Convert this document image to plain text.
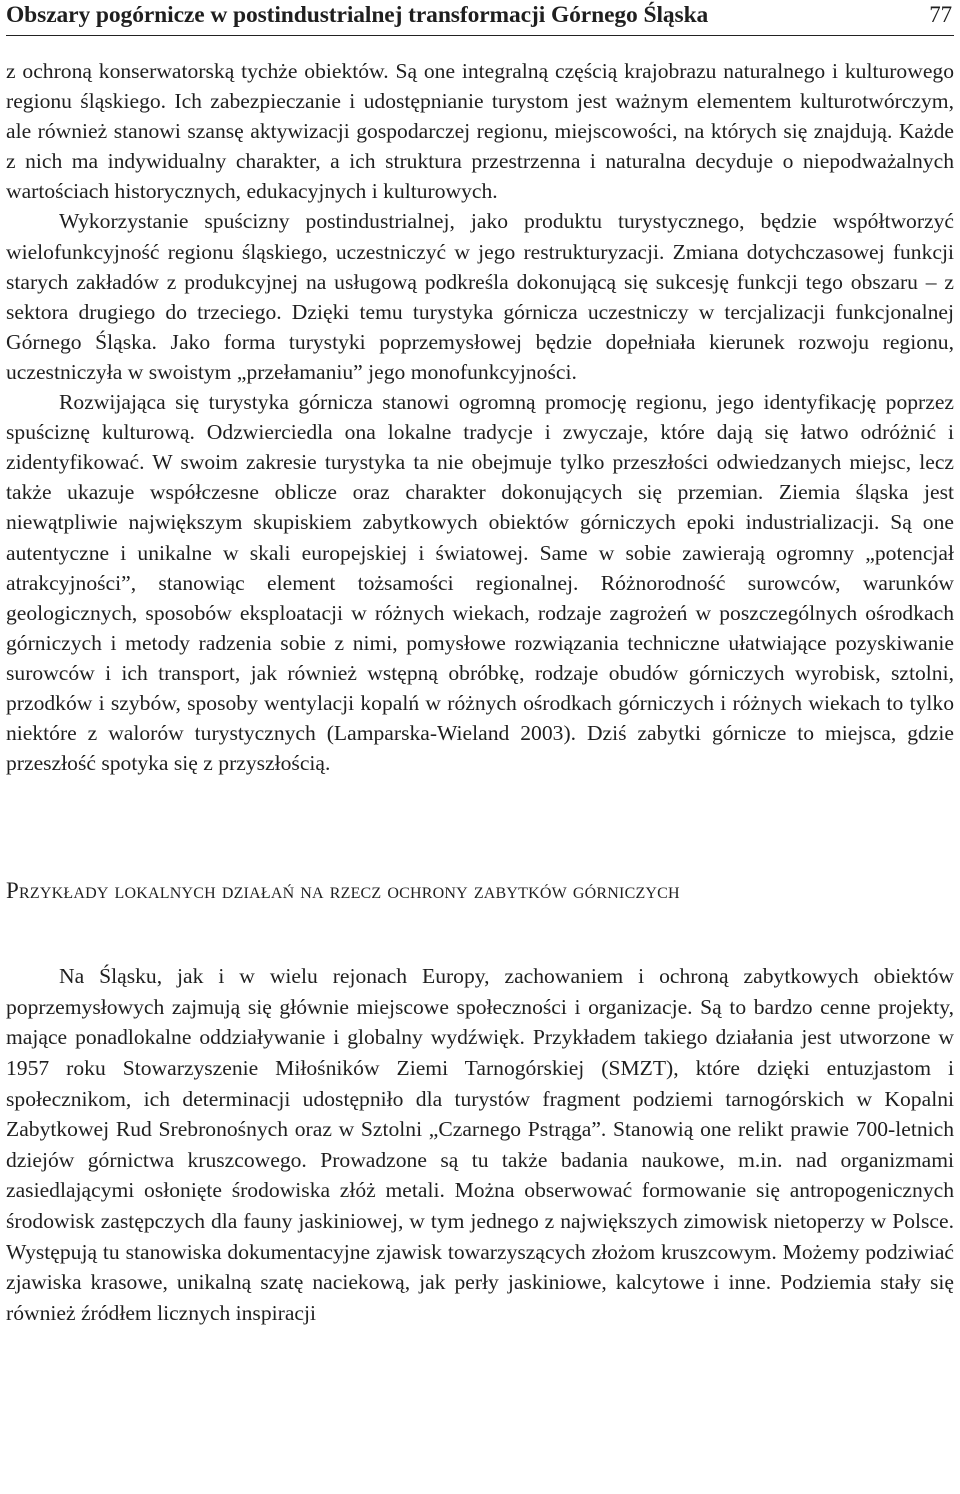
Obszary pogórnicze w postindustrialnej transformacji Górnego Śląska	77

z ochroną konserwatorską tychże obiektów. Są one integralną częścią krajobrazu naturalnego i kulturowego regionu śląskiego. Ich zabezpieczanie i udostępnianie turystom jest ważnym elementem kulturotwórczym, ale również stanowi szansę aktywizacji gospodarczej regionu, miejscowości, na których się znajdują. Każde z nich ma indywidualny charakter, a ich struktura przestrzenna i naturalna decyduje o niepodważalnych wartościach historycznych, edukacyjnych i kulturowych.

Wykorzystanie spuścizny postindustrialnej, jako produktu turystycznego, będzie współtworzyć wielofunkcyjność regionu śląskiego, uczestniczyć w jego restrukturyzacji. Zmiana dotychczasowej funkcji starych zakładów z produkcyjnej na usługową podkreśla dokonującą się sukcesję funkcji tego obszaru – z sektora drugiego do trzeciego. Dzięki temu turystyka górnicza uczestniczy w tercjalizacji funkcjonalnej Górnego Śląska. Jako forma turystyki poprzemysłowej będzie dopełniała kierunek rozwoju regionu, uczestniczyła w swoistym „przełamaniu” jego monofunkcyjności.

Rozwijająca się turystyka górnicza stanowi ogromną promocję regionu, jego identyfikację poprzez spuściznę kulturową. Odzwierciedla ona lokalne tradycje i zwyczaje, które dają się łatwo odróżnić i zidentyfikować. W swoim zakresie turystyka ta nie obejmuje tylko przeszłości odwiedzanych miejsc, lecz także ukazuje współczesne oblicze oraz charakter dokonujących się przemian. Ziemia śląska jest niewątpliwie największym skupiskiem zabytkowych obiektów górniczych epoki industrializacji. Są one autentyczne i unikalne w skali europejskiej i światowej. Same w sobie zawierają ogromny „potencjał atrakcyjności”, stanowiąc element tożsamości regionalnej. Różnorodność surowców, warunków geologicznych, sposobów eksploatacji w różnych wiekach, rodzaje zagrożeń w poszczególnych ośrodkach górniczych i metody radzenia sobie z nimi, pomysłowe rozwiązania techniczne ułatwiające pozyskiwanie surowców i ich transport, jak również wstępną obróbkę, rodzaje obudów górniczych wyrobisk, sztolni, przodków i szybów, sposoby wentylacji kopalń w różnych ośrodkach górniczych i różnych wiekach to tylko niektóre z walorów turystycznych (Lamparska-Wieland 2003). Dziś zabytki górnicze to miejsca, gdzie przeszłość spotyka się z przyszłością.

Przykłady lokalnych działań na rzecz ochrony zabytków górniczych

Na Śląsku, jak i w wielu rejonach Europy, zachowaniem i ochroną zabytkowych obiektów poprzemysłowych zajmują się głównie miejscowe społeczności i organizacje. Są to bardzo cenne projekty, mające ponadlokalne oddziaływanie i globalny wydźwięk. Przykładem takiego działania jest utworzone w 1957 roku Stowarzyszenie Miłośników Ziemi Tarnogórskiej (SMZT), które dzięki entuzjastom i społecznikom, ich determinacji udostępniło dla turystów fragment podziemi tarnogórskich w Kopalni Zabytkowej Rud Srebronośnych oraz w Sztolni „Czarnego Pstrąga”. Stanowią one relikt prawie 700-letnich dziejów górnictwa kruszcowego. Prowadzone są tu także badania naukowe, m.in. nad organizmami zasiedlającymi osłonięte środowiska złóż metali. Można obserwować formowanie się antropogenicznych środowisk zastępczych dla fauny jaskiniowej, w tym jednego z największych zimowisk nietoperzy w Polsce. Występują tu stanowiska dokumentacyjne zjawisk towarzyszących złożom kruszcowym. Możemy podziwiać zjawiska krasowe, unikalną szatę naciekową, jak perły jaskiniowe, kalcytowe i inne. Podziemia stały się również źródłem licznych inspiracji
